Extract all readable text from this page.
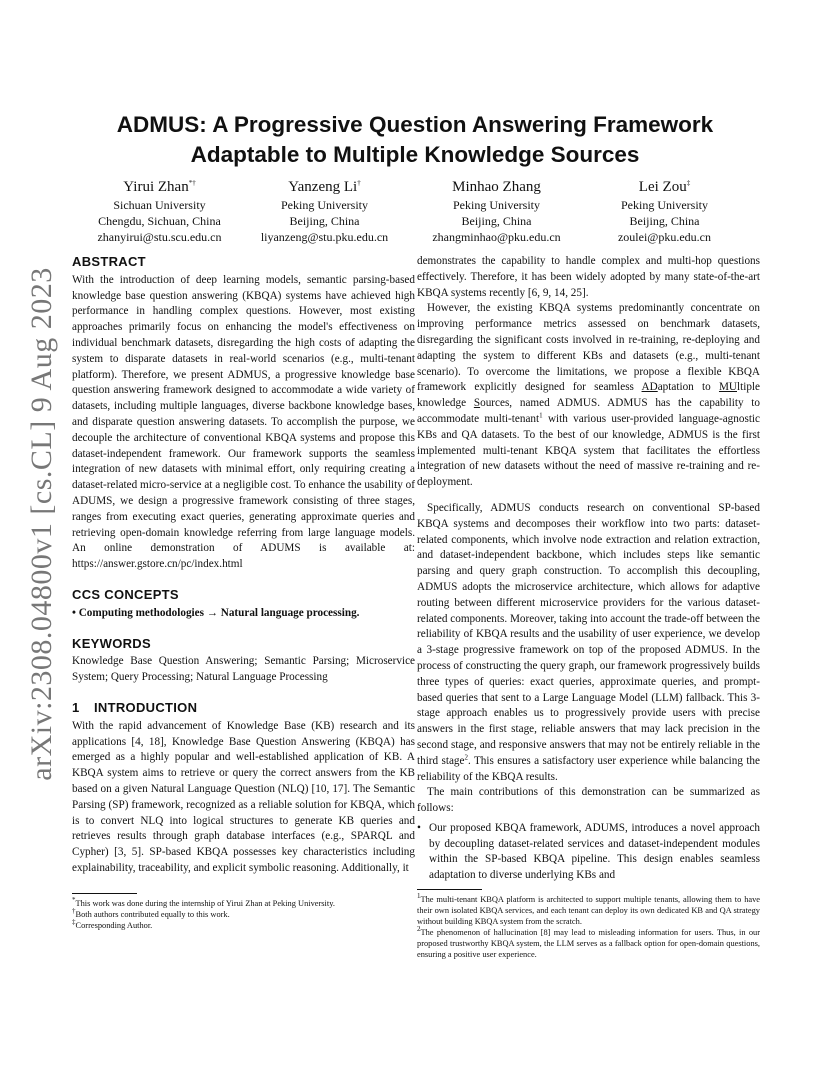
arXiv:2308.04800v1 [cs.CL] 9 Aug 2023
ADMUS: A Progressive Question Answering Framework
Adaptable to Multiple Knowledge Sources
Yirui Zhan*†
Sichuan University
Chengdu, Sichuan, China
zhanyirui@stu.scu.edu.cn
Yanzeng Li†
Peking University
Beijing, China
liyanzeng@stu.pku.edu.cn
Minhao Zhang
Peking University
Beijing, China
zhangminhao@pku.edu.cn
Lei Zou‡
Peking University
Beijing, China
zoulei@pku.edu.cn
ABSTRACT

With the introduction of deep learning models, semantic parsing-based knowledge base question answering (KBQA) systems have achieved high performance in handling complex questions. However, most existing approaches primarily focus on enhancing the model's effectiveness on individual benchmark datasets, disregarding the high costs of adapting the system to disparate datasets in real-world scenarios (e.g., multi-tenant platform). Therefore, we present ADMUS, a progressive knowledge base question answering framework designed to accommodate a wide variety of datasets, including multiple languages, diverse backbone knowledge bases, and disparate question answering datasets. To accomplish the purpose, we decouple the architecture of conventional KBQA systems and propose this dataset-independent framework. Our framework supports the seamless integration of new datasets with minimal effort, only requiring creating a dataset-related micro-service at a negligible cost. To enhance the usability of ADUMS, we design a progressive framework consisting of three stages, ranges from executing exact queries, generating approximate queries and retrieving open-domain knowledge referring from large language models. An online demonstration of ADUMS is available at: https://answer.gstore.cn/pc/index.html

CCS CONCEPTS

• Computing methodologies → Natural language processing.

KEYWORDS

Knowledge Base Question Answering; Semantic Parsing; Microservice System; Query Processing; Natural Language Processing

1 INTRODUCTION

With the rapid advancement of Knowledge Base (KB) research and its applications [4, 18], Knowledge Base Question Answering (KBQA) has emerged as a highly popular and well-established application of KB. A KBQA system aims to retrieve or query the correct answers from the KB based on a given Natural Language Question (NLQ) [10, 17]. The Semantic Parsing (SP) framework, recognized as a reliable solution for KBQA, which is to convert NLQ into logical structures to generate KB queries and retrieves results through graph database interfaces (e.g., SPARQL and Cypher) [3, 5]. SP-based KBQA possesses key characteristics including explainability, traceability, and explicit symbolic reasoning. Additionally, it

demonstrates the capability to handle complex and multi-hop questions effectively. Therefore, it has been widely adopted by many state-of-the-art KBQA systems recently [6, 9, 14, 25].

However, the existing KBQA systems predominantly concentrate on improving performance metrics assessed on benchmark datasets, disregarding the significant costs involved in re-training, re-deploying and adapting the system to different KBs and datasets (e.g., multi-tenant scenario). To overcome the limitations, we propose a flexible KBQA framework explicitly designed for seamless ADaptation to MUltiple knowledge Sources, named ADMUS. ADMUS has the capability to accommodate multi-tenant$^1$ with various user-provided language-agnostic KBs and QA datasets. To the best of our knowledge, ADMUS is the first implemented multi-tenant KBQA system that facilitates the effortless integration of new datasets without the need of massive re-training and re-deployment.

Specifically, ADMUS conducts research on conventional SP-based KBQA systems and decomposes their workflow into two parts: dataset-related components, which involve node extraction and relation extraction, and dataset-independent backbone, which includes steps like semantic parsing and query graph construction. To accomplish this decoupling, ADMUS adopts the microservice architecture, which allows for adaptive routing between different microservice providers for the various dataset-related components. Moreover, taking into account the trade-off between the reliability of KBQA results and the usability of user experience, we develop a 3-stage progressive framework on top of the proposed ADMUS. In the process of constructing the query graph, our framework progressively builds three types of queries: exact queries, approximate queries, and prompt-based queries that sent to a Large Language Model (LLM) fallback. This 3-stage approach enables us to progressively provide users with precise answers in the first stage, reliable answers that may lack precision in the second stage, and responsive answers that may not be entirely reliable in the third stage$^2$. This ensures a satisfactory user experience while balancing the reliability of the KBQA results.

The main contributions of this demonstration can be summarized as follows:

• Our proposed KBQA framework, ADUMS, introduces a novel approach by decoupling dataset-related services and dataset-independent modules within the SP-based KBQA pipeline. This design enables seamless adaptation to diverse underlying KBs and

*This work was done during the internship of Yirui Zhan at Peking University.

†Both authors contributed equally to this work.

‡Corresponding Author.

$^1$The multi-tenant KBQA platform is architected to support multiple tenants, allowing them to have their own isolated KBQA services, and each tenant can deploy its own dedicated KB and QA strategy without building KBQA system from the scratch.

$^2$The phenomenon of hallucination [8] may lead to misleading information for users. Thus, in our proposed trustworthy KBQA system, the LLM serves as a fallback option for open-domain questions, ensuring a positive user experience.
